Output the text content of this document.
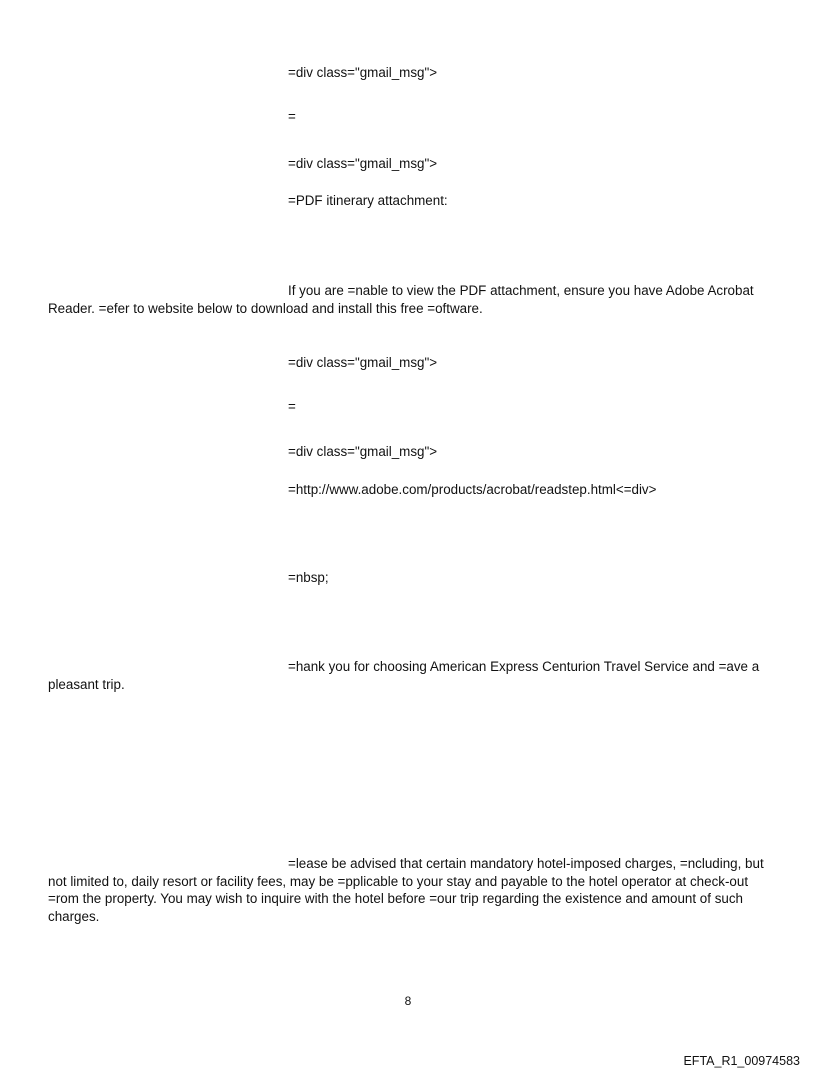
=div class="gmail_msg">
=
=div class="gmail_msg">
=PDF itinerary attachment:
If you are =nable to view the PDF attachment, ensure you have Adobe Acrobat Reader. =efer to website below to download and install this free =oftware.
=div class="gmail_msg">
=
=div class="gmail_msg">
=http://www.adobe.com/products/acrobat/readstep.html<=div>
=nbsp;
=hank you for choosing American Express Centurion Travel Service and =ave a pleasant trip.
=lease be advised that certain mandatory hotel-imposed charges, =ncluding, but not limited to, daily resort or facility fees, may be =pplicable to your stay and payable to the hotel operator at check-out =rom the property. You may wish to inquire with the hotel before =our trip regarding the existence and amount of such charges.
8
EFTA_R1_00974583
